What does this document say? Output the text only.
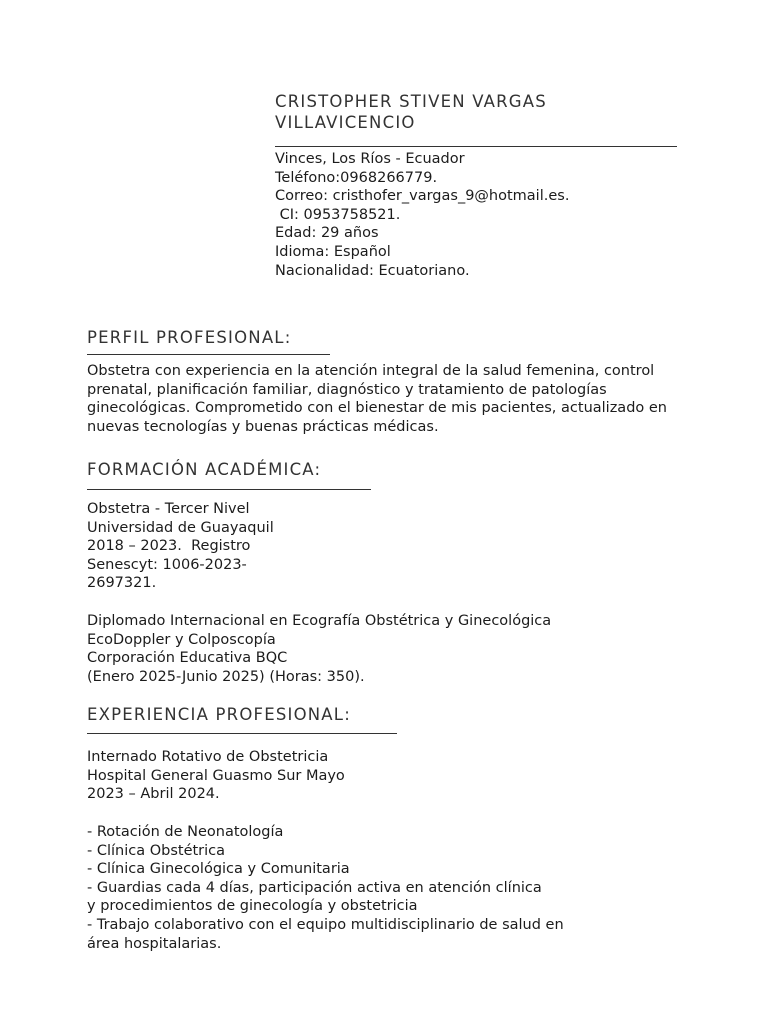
CRISTOPHER STIVEN VARGAS
VILLAVICENCIO
Vinces, Los Ríos - Ecuador
Teléfono:0968266779.
Correo: cristhofer_vargas_9@hotmail.es.
CI: 0953758521.
Edad: 29 años
Idioma: Español
Nacionalidad: Ecuatoriano.
PERFIL PROFESIONAL:
Obstetra con experiencia en la atención integral de la salud femenina, control
prenatal, planificación familiar, diagnóstico y tratamiento de patologías
ginecológicas. Comprometido con el bienestar de mis pacientes, actualizado en
nuevas tecnologías y buenas prácticas médicas.
FORMACIÓN ACADÉMICA:
Obstetra - Tercer Nivel
Universidad de Guayaquil
2018 – 2023.  Registro
Senescyt: 1006-2023-
2697321.
Diplomado Internacional en Ecografía Obstétrica y Ginecológica
EcoDoppler y Colposcopía
Corporación Educativa BQC
(Enero 2025-Junio 2025) (Horas: 350).
EXPERIENCIA PROFESIONAL:
Internado Rotativo de Obstetricia
Hospital General Guasmo Sur Mayo
2023 – Abril 2024.
- Rotación de Neonatología
- Clínica Obstétrica
- Clínica Ginecológica y Comunitaria
- Guardias cada 4 días, participación activa en atención clínica
y procedimientos de ginecología y obstetricia
- Trabajo colaborativo con el equipo multidisciplinario de salud en
área hospitalarias.
